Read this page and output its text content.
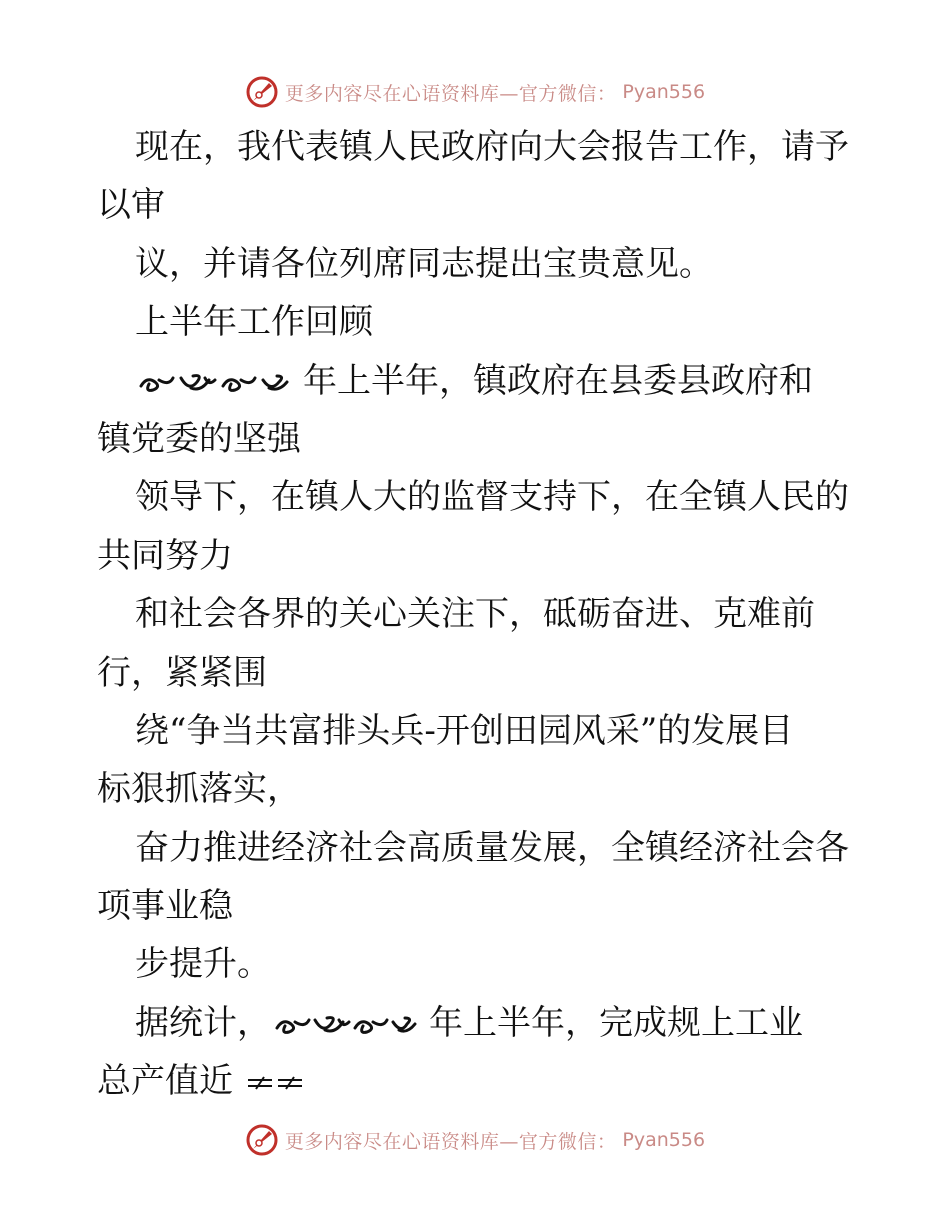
更多内容尽在心语资料库—官方微信： Pyan556
现在，我代表镇人民政府向大会报告工作，请予
以审
议，并请各位列席同志提出宝贵意见。
上半年工作回顾
年上半年，镇政府在县委县政府和
镇党委的坚强
领导下，在镇人大的监督支持下，在全镇人民的
共同努力
和社会各界的关心关注下，砥砺奋进、克难前
行，紧紧围
绕“争当共富排头兵-开创田园风采”的发展目
标狠抓落实，
奋力推进经济社会高质量发展，全镇经济社会各
项事业稳
步提升。
据统计，	年上半年，完成规上工业
总产值近
更多内容尽在心语资料库—官方微信： Pyan556
